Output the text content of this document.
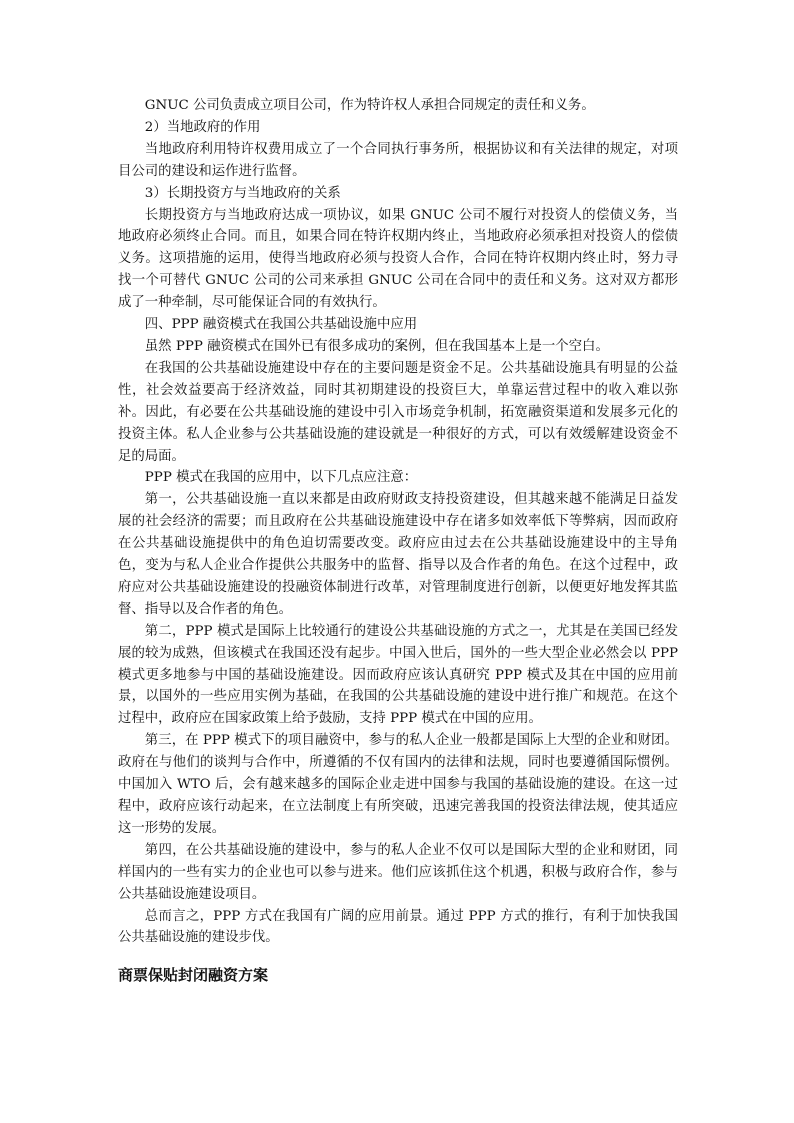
GNUC 公司负责成立项目公司，作为特许权人承担合同规定的责任和义务。

2）当地政府的作用

当地政府利用特许权费用成立了一个合同执行事务所，根据协议和有关法律的规定，对项目公司的建设和运作进行监督。

3）长期投资方与当地政府的关系

长期投资方与当地政府达成一项协议，如果 GNUC 公司不履行对投资人的偿债义务，当地政府必须终止合同。而且，如果合同在特许权期内终止，当地政府必须承担对投资人的偿债义务。这项措施的运用，使得当地政府必须与投资人合作，合同在特许权期内终止时，努力寻找一个可替代 GNUC 公司的公司来承担 GNUC 公司在合同中的责任和义务。这对双方都形成了一种牵制，尽可能保证合同的有效执行。

四、PPP 融资模式在我国公共基础设施中应用

虽然 PPP 融资模式在国外已有很多成功的案例，但在我国基本上是一个空白。

在我国的公共基础设施建设中存在的主要问题是资金不足。公共基础设施具有明显的公益性，社会效益要高于经济效益，同时其初期建设的投资巨大，单靠运营过程中的收入难以弥补。因此，有必要在公共基础设施的建设中引入市场竞争机制，拓宽融资渠道和发展多元化的投资主体。私人企业参与公共基础设施的建设就是一种很好的方式，可以有效缓解建设资金不足的局面。

PPP 模式在我国的应用中，以下几点应注意：

第一，公共基础设施一直以来都是由政府财政支持投资建设，但其越来越不能满足日益发展的社会经济的需要；而且政府在公共基础设施建设中存在诸多如效率低下等弊病，因而政府在公共基础设施提供中的角色迫切需要改变。政府应由过去在公共基础设施建设中的主导角色，变为与私人企业合作提供公共服务中的监督、指导以及合作者的角色。在这个过程中，政府应对公共基础设施建设的投融资体制进行改革，对管理制度进行创新，以便更好地发挥其监督、指导以及合作者的角色。

第二，PPP 模式是国际上比较通行的建设公共基础设施的方式之一，尤其是在美国已经发展的较为成熟，但该模式在我国还没有起步。中国入世后，国外的一些大型企业必然会以 PPP 模式更多地参与中国的基础设施建设。因而政府应该认真研究 PPP 模式及其在中国的应用前景，以国外的一些应用实例为基础，在我国的公共基础设施的建设中进行推广和规范。在这个过程中，政府应在国家政策上给予鼓励，支持 PPP 模式在中国的应用。

第三，在 PPP 模式下的项目融资中，参与的私人企业一般都是国际上大型的企业和财团。政府在与他们的谈判与合作中，所遵循的不仅有国内的法律和法规，同时也要遵循国际惯例。中国加入 WTO 后，会有越来越多的国际企业走进中国参与我国的基础设施的建设。在这一过程中，政府应该行动起来，在立法制度上有所突破，迅速完善我国的投资法律法规，使其适应这一形势的发展。

第四，在公共基础设施的建设中，参与的私人企业不仅可以是国际大型的企业和财团，同样国内的一些有实力的企业也可以参与进来。他们应该抓住这个机遇，积极与政府合作，参与公共基础设施建设项目。

总而言之，PPP 方式在我国有广阔的应用前景。通过 PPP 方式的推行，有利于加快我国公共基础设施的建设步伐。

商票保贴封闭融资方案
